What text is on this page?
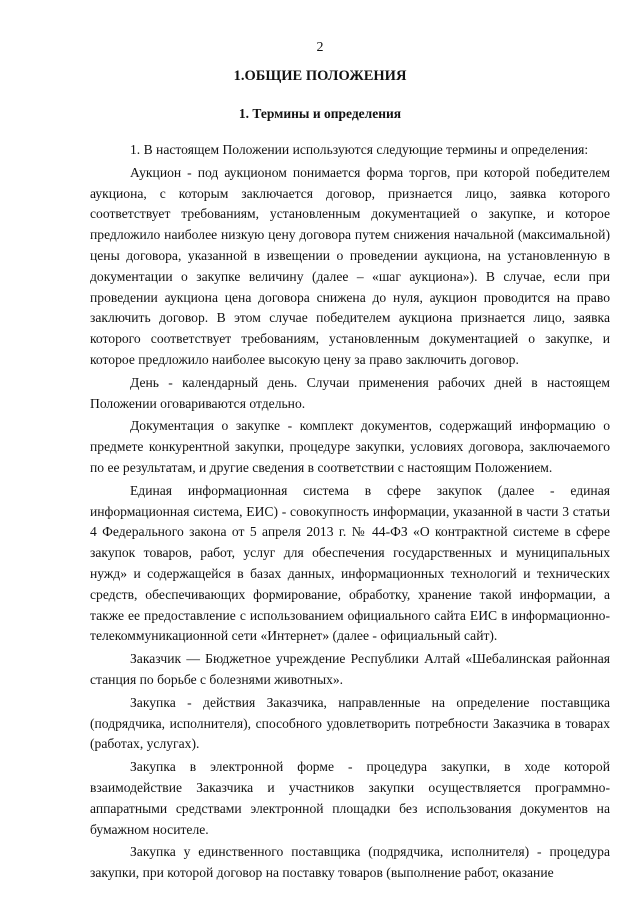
2
1.ОБЩИЕ ПОЛОЖЕНИЯ
1. Термины и определения

1. В настоящем Положении используются следующие термины и определения:

Аукцион - под аукционом понимается форма торгов, при которой победителем аукциона, с которым заключается договор, признается лицо, заявка которого соответствует требованиям, установленным документацией о закупке, и которое предложило наиболее низкую цену договора путем снижения начальной (максимальной) цены договора, указанной в извещении о проведении аукциона, на установленную в документации о закупке величину (далее – «шаг аукциона»). В случае, если при проведении аукциона цена договора снижена до нуля, аукцион проводится на право заключить договор. В этом случае победителем аукциона признается лицо, заявка которого соответствует требованиям, установленным документацией о закупке, и которое предложило наиболее высокую цену за право заключить договор.

День - календарный день. Случаи применения рабочих дней в настоящем Положении оговариваются отдельно.

Документация о закупке - комплект документов, содержащий информацию о предмете конкурентной закупки, процедуре закупки, условиях договора, заключаемого по ее результатам, и другие сведения в соответствии с настоящим Положением.

Единая информационная система в сфере закупок (далее - единая информационная система, ЕИС) - совокупность информации, указанной в части 3 статьи 4 Федерального закона от 5 апреля 2013 г. № 44-ФЗ «О контрактной системе в сфере закупок товаров, работ, услуг для обеспечения государственных и муниципальных нужд» и содержащейся в базах данных, информационных технологий и технических средств, обеспечивающих формирование, обработку, хранение такой информации, а также ее предоставление с использованием официального сайта ЕИС в информационно-телекоммуникационной сети «Интернет» (далее - официальный сайт).

Заказчик — Бюджетное учреждение Республики Алтай «Шебалинская районная станция по борьбе с болезнями животных».

Закупка - действия Заказчика, направленные на определение поставщика (подрядчика, исполнителя), способного удовлетворить потребности Заказчика в товарах (работах, услугах).

Закупка в электронной форме - процедура закупки, в ходе которой взаимодействие Заказчика и участников закупки осуществляется программно-аппаратными средствами электронной площадки без использования документов на бумажном носителе.

Закупка у единственного поставщика (подрядчика, исполнителя) - процедура закупки, при которой договор на поставку товаров (выполнение работ, оказание
